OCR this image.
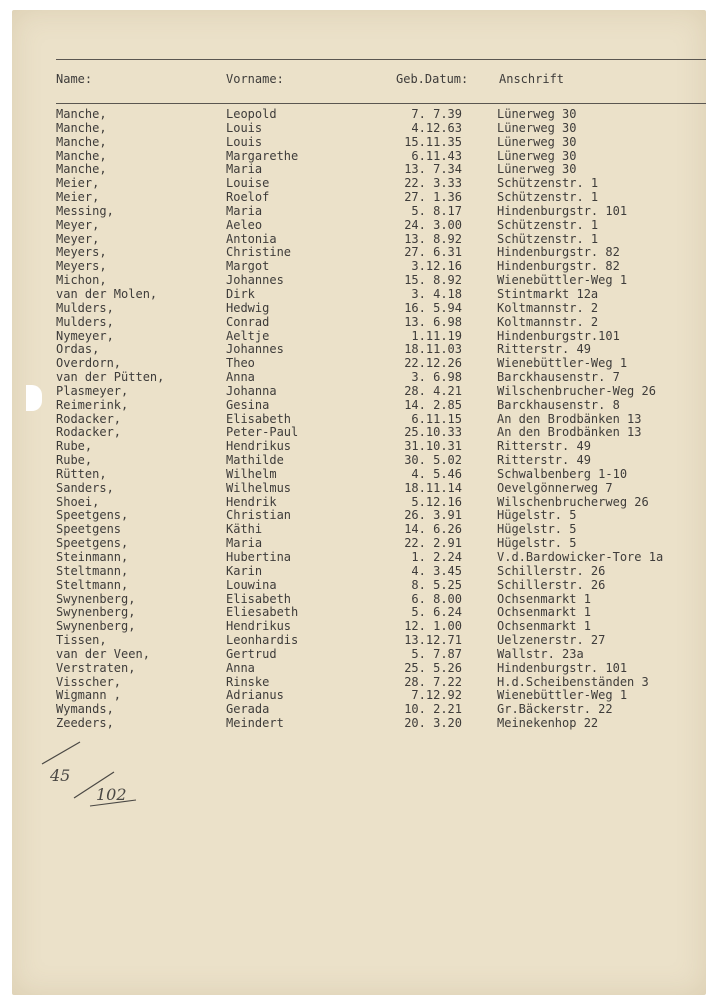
Name:	Vorname:	Geb.Datum:	Anschrift
Manche,	Leopold	7. 7.39	Lünerweg 30
Manche,	Louis	4.12.63	Lünerweg 30
Manche,	Louis	15.11.35	Lünerweg 30
Manche,	Margarethe	6.11.43	Lünerweg 30
Manche,	Maria	13. 7.34	Lünerweg 30
Meier,	Louise	22. 3.33	Schützenstr. 1
Meier,	Roelof	27. 1.36	Schützenstr. 1
Messing,	Maria	5. 8.17	Hindenburgstr. 101
Meyer,	Aeleo	24. 3.00	Schützenstr. 1
Meyer,	Antonia	13. 8.92	Schützenstr. 1
Meyers,	Christine	27. 6.31	Hindenburgstr. 82
Meyers,	Margot	3.12.16	Hindenburgstr. 82
Michon,	Johannes	15. 8.92	Wienebüttler-Weg 1
van der Molen,	Dirk	3. 4.18	Stintmarkt 12a
Mulders,	Hedwig	16. 5.94	Koltmannstr. 2
Mulders,	Conrad	13. 6.98	Koltmannstr. 2
Nymeyer,	Aeltje	1.11.19	Hindenburgstr.101
Ordas,	Johannes	18.11.03	Ritterstr. 49
Overdorn,	Theo	22.12.26	Wienebüttler-Weg 1
van der Pütten,	Anna	3. 6.98	Barckhausenstr. 7
Plasmeyer,	Johanna	28. 4.21	Wilschenbrucher-Weg 26
Reimerink,	Gesina	14. 2.85	Barckhausenstr. 8
Rodacker,	Elisabeth	6.11.15	An den Brodbänken 13
Rodacker,	Peter-Paul	25.10.33	An den Brodbänken 13
Rube,	Hendrikus	31.10.31	Ritterstr. 49
Rube,	Mathilde	30. 5.02	Ritterstr. 49
Rütten,	Wilhelm	4. 5.46	Schwalbenberg 1-10
Sanders,	Wilhelmus	18.11.14	Oevelgönnerweg 7
Shoei,	Hendrik	5.12.16	Wilschenbrucherweg 26
Speetgens,	Christian	26. 3.91	Hügelstr. 5
Speetgens	Käthi	14. 6.26	Hügelstr. 5
Speetgens,	Maria	22. 2.91	Hügelstr. 5
Steinmann,	Hubertina	1. 2.24	V.d.Bardowicker-Tore 1a
Steltmann,	Karin	4. 3.45	Schillerstr. 26
Steltmann,	Louwina	8. 5.25	Schillerstr. 26
Swynenberg,	Elisabeth	6. 8.00	Ochsenmarkt 1
Swynenberg,	Eliesabeth	5. 6.24	Ochsenmarkt 1
Swynenberg,	Hendrikus	12. 1.00	Ochsenmarkt 1
Tissen,	Leonhardis	13.12.71	Uelzenerstr. 27
van der Veen,	Gertrud	5. 7.87	Wallstr. 23a
Verstraten,	Anna	25. 5.26	Hindenburgstr. 101
Visscher,	Rinske	28. 7.22	H.d.Scheibenständen 3
Wigmann ,	Adrianus	7.12.92	Wienebüttler-Weg 1
Wymands,	Gerada	10. 2.21	Gr.Bäckerstr. 22
Zeeders,	Meindert	20. 3.20	Meinekenhop 22
45
102
